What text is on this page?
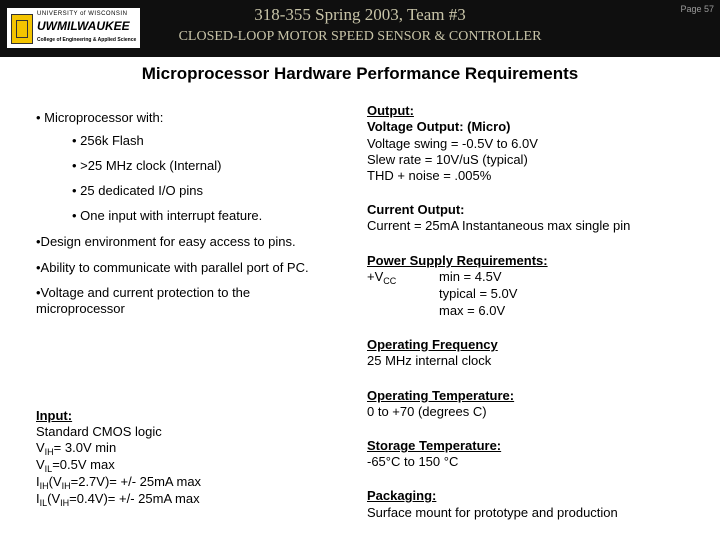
UNIVERSITY of WISCONSIN
UWMILWAUKEE
College of Engineering & Applied Science
318-355 Spring 2003, Team #3
CLOSED-LOOP MOTOR SPEED SENSOR & CONTROLLER
Page 57
Microprocessor Hardware Performance Requirements
• Microprocessor with:
• 256k Flash
• >25 MHz clock (Internal)
• 25 dedicated I/O pins
• One input with interrupt feature.
•Design environment for easy access to pins.
•Ability to communicate with parallel port of PC.
•Voltage and current protection to the microprocessor
Input:
Standard CMOS logic
$V_{IH}= 3.0V$ min
$V_{IL}=0.5V$ max
$I_{IH}(V_{IH}=2.7V)=$ +/- 25mA max
$I_{IL}(V_{IH}=0.4V)=$ +/- 25mA max
Output:
Voltage Output: (Micro)
Voltage swing = -0.5V to 6.0V
Slew rate = 10V/uS (typical)
THD + noise = .005%
Current Output:
Current = 25mA Instantaneous max single pin
Power Supply Requirements:
$+V_{CC}$	min = 4.5V
typical = 5.0V
max = 6.0V
Operating Frequency
25 MHz internal clock
Operating Temperature:
0 to +70 (degrees C)
Storage Temperature:
-65°C to 150 °C
Packaging:
Surface mount for prototype and production
